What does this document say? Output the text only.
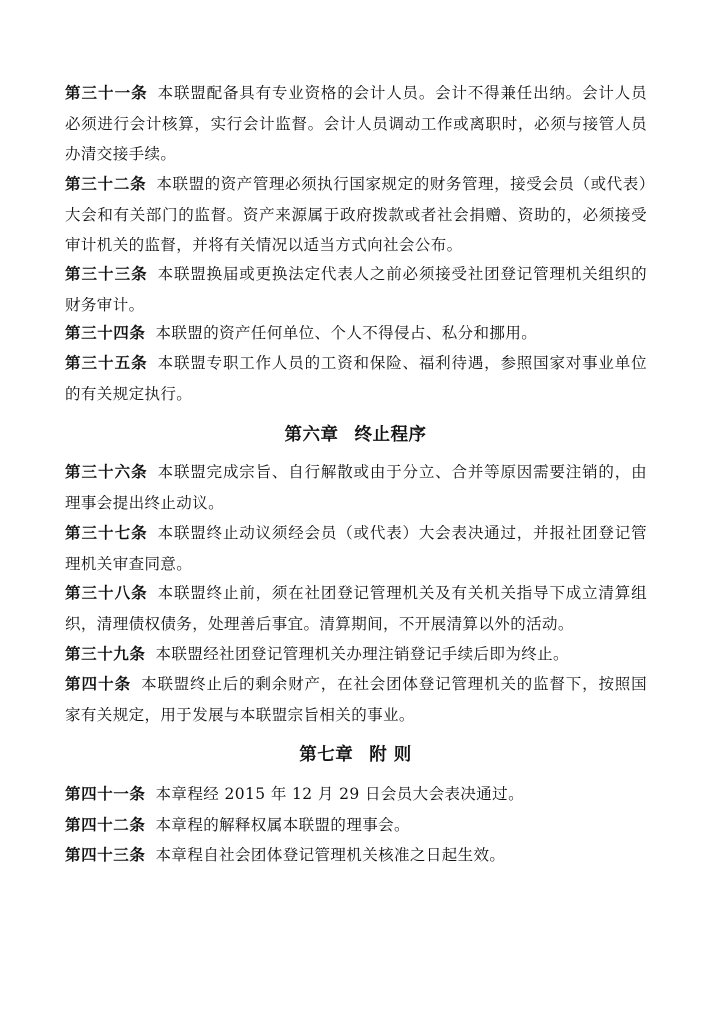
第三十一条 本联盟配备具有专业资格的会计人员。会计不得兼任出纳。会计人员必须进行会计核算，实行会计监督。会计人员调动工作或离职时，必须与接管人员办清交接手续。

第三十二条 本联盟的资产管理必须执行国家规定的财务管理，接受会员（或代表）大会和有关部门的监督。资产来源属于政府拨款或者社会捐赠、资助的，必须接受审计机关的监督，并将有关情况以适当方式向社会公布。

第三十三条 本联盟换届或更换法定代表人之前必须接受社团登记管理机关组织的财务审计。

第三十四条 本联盟的资产任何单位、个人不得侵占、私分和挪用。

第三十五条 本联盟专职工作人员的工资和保险、福利待遇，参照国家对事业单位的有关规定执行。

第六章 终止程序

第三十六条 本联盟完成宗旨、自行解散或由于分立、合并等原因需要注销的，由理事会提出终止动议。

第三十七条 本联盟终止动议须经会员（或代表）大会表决通过，并报社团登记管理机关审查同意。

第三十八条 本联盟终止前，须在社团登记管理机关及有关机关指导下成立清算组织，清理债权债务，处理善后事宜。清算期间，不开展清算以外的活动。

第三十九条 本联盟经社团登记管理机关办理注销登记手续后即为终止。

第四十条 本联盟终止后的剩余财产，在社会团体登记管理机关的监督下，按照国家有关规定，用于发展与本联盟宗旨相关的事业。

第七章 附 则

第四十一条 本章程经 2015 年 12 月 29 日会员大会表决通过。

第四十二条 本章程的解释权属本联盟的理事会。

第四十三条 本章程自社会团体登记管理机关核准之日起生效。
